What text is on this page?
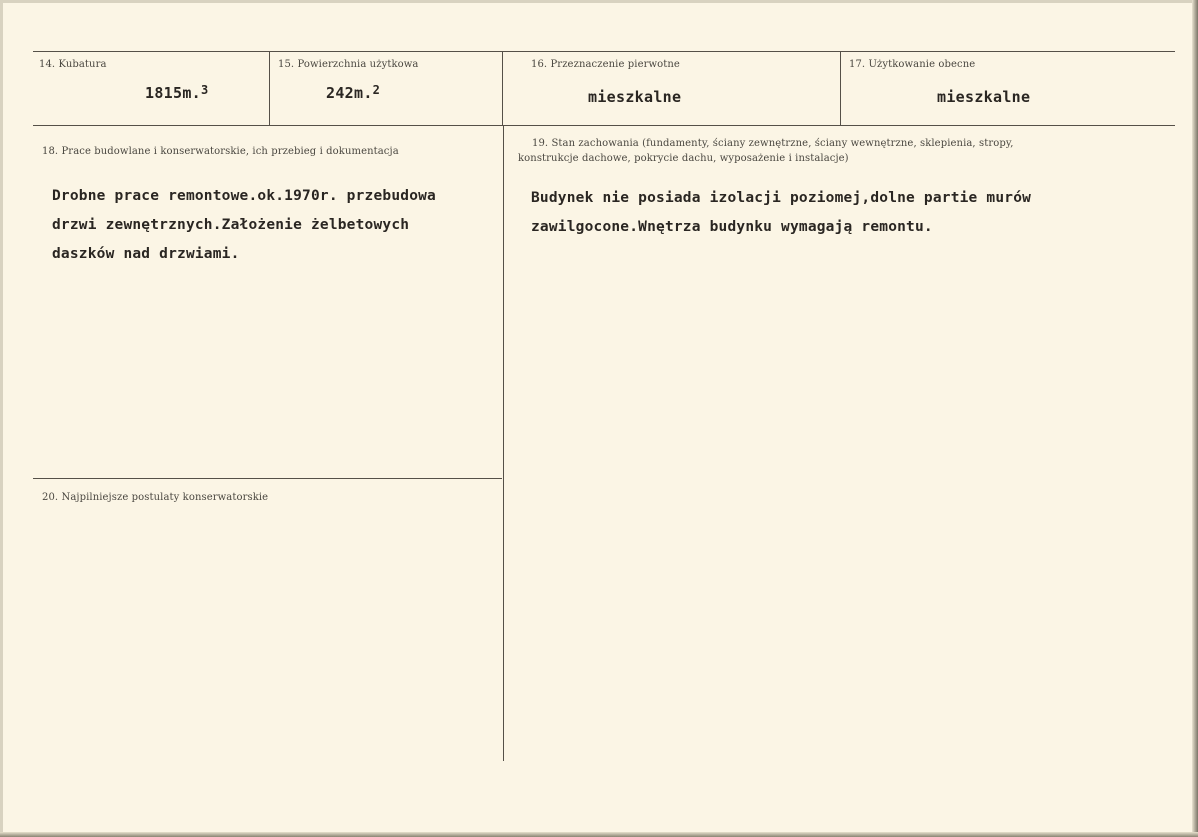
14. Kubatura
1815m.$^3$
15. Powierzchnia użytkowa
242m.$^2$
16. Przeznaczenie pierwotne
mieszkalne
17. Użytkowanie obecne
mieszkalne
18. Prace budowlane i konserwatorskie, ich przebieg i dokumentacja
Drobne prace remontowe.ok.1970r. przebudowa
drzwi zewnętrznych.Założenie żelbetowych
daszków nad drzwiami.
19. Stan zachowania (fundamenty, ściany zewnętrzne, ściany wewnętrzne, sklepienia, stropy,
konstrukcje dachowe, pokrycie dachu, wyposażenie i instalacje)
Budynek nie posiada izolacji poziomej,dolne partie murów
zawilgocone.Wnętrza budynku wymagają remontu.
20. Najpilniejsze postulaty konserwatorskie
